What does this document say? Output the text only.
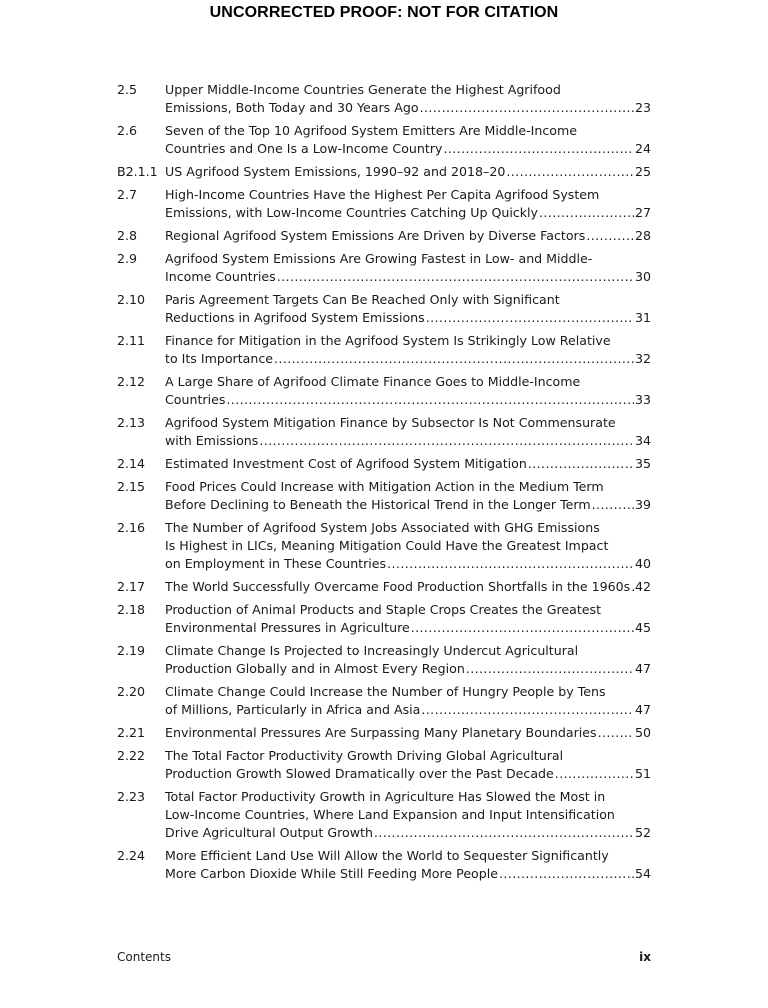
UNCORRECTED PROOF: NOT FOR CITATION
2.5	Upper Middle-Income Countries Generate the Highest Agrifood
Emissions, Both Today and 30 Years Ago .....	23
2.6	Seven of the Top 10 Agrifood System Emitters Are Middle-Income
Countries and One Is a Low-Income Country .....	24
B2.1.1 US Agrifood System Emissions, 1990–92 and 2018–20 .....	25
2.7	High-Income Countries Have the Highest Per Capita Agrifood System
Emissions, with Low-Income Countries Catching Up Quickly .....	27
2.8	Regional Agrifood System Emissions Are Driven by Diverse Factors .....	28
2.9	Agrifood System Emissions Are Growing Fastest in Low- and Middle-
Income Countries .....	30
2.10	Paris Agreement Targets Can Be Reached Only with Significant
Reductions in Agrifood System Emissions .....	31
2.11	Finance for Mitigation in the Agrifood System Is Strikingly Low Relative
to Its Importance .....	32
2.12	A Large Share of Agrifood Climate Finance Goes to Middle-Income
Countries .....	33
2.13	Agrifood System Mitigation Finance by Subsector Is Not Commensurate
with Emissions .....	34
2.14	Estimated Investment Cost of Agrifood System Mitigation .....	35
2.15	Food Prices Could Increase with Mitigation Action in the Medium Term
Before Declining to Beneath the Historical Trend in the Longer Term .....	39
2.16	The Number of Agrifood System Jobs Associated with GHG Emissions
Is Highest in LICs, Meaning Mitigation Could Have the Greatest Impact
on Employment in These Countries .....	40
2.17	The World Successfully Overcame Food Production Shortfalls in the 1960s ..... 42
2.18	Production of Animal Products and Staple Crops Creates the Greatest
Environmental Pressures in Agriculture .....	45
2.19	Climate Change Is Projected to Increasingly Undercut Agricultural
Production Globally and in Almost Every Region .....	47
2.20	Climate Change Could Increase the Number of Hungry People by Tens
of Millions, Particularly in Africa and Asia .....	47
2.21	Environmental Pressures Are Surpassing Many Planetary Boundaries .....	50
2.22	The Total Factor Productivity Growth Driving Global Agricultural
Production Growth Slowed Dramatically over the Past Decade .....	51
2.23	Total Factor Productivity Growth in Agriculture Has Slowed the Most in
Low-Income Countries, Where Land Expansion and Input Intensification
Drive Agricultural Output Growth .....	52
2.24	More Efficient Land Use Will Allow the World to Sequester Significantly
More Carbon Dioxide While Still Feeding More People .....	54
Contents	ix
